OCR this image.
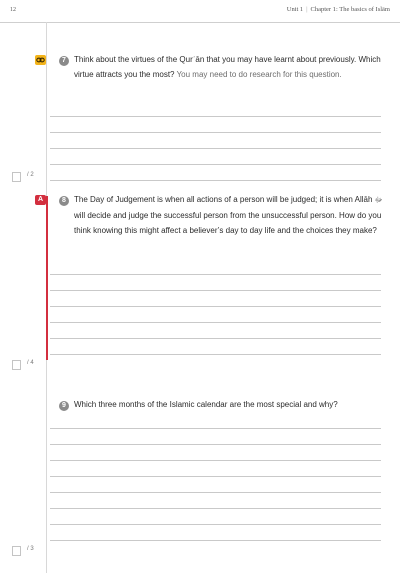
12	Unit 1 | Chapter 1: The basics of Islām
7	Think about the virtues of the Qurʾān that you may have learnt about previously. Which virtue attracts you the most? You may need to do research for this question.
/ 2
A	8	The Day of Judgement is when all actions of a person will be judged; it is when Allāh ﷻ will decide and judge the successful person from the unsuccessful person. How do you think knowing this might affect a believer’s day to day life and the choices they make?
/ 4
9	Which three months of the Islamic calendar are the most special and why?
/ 3
